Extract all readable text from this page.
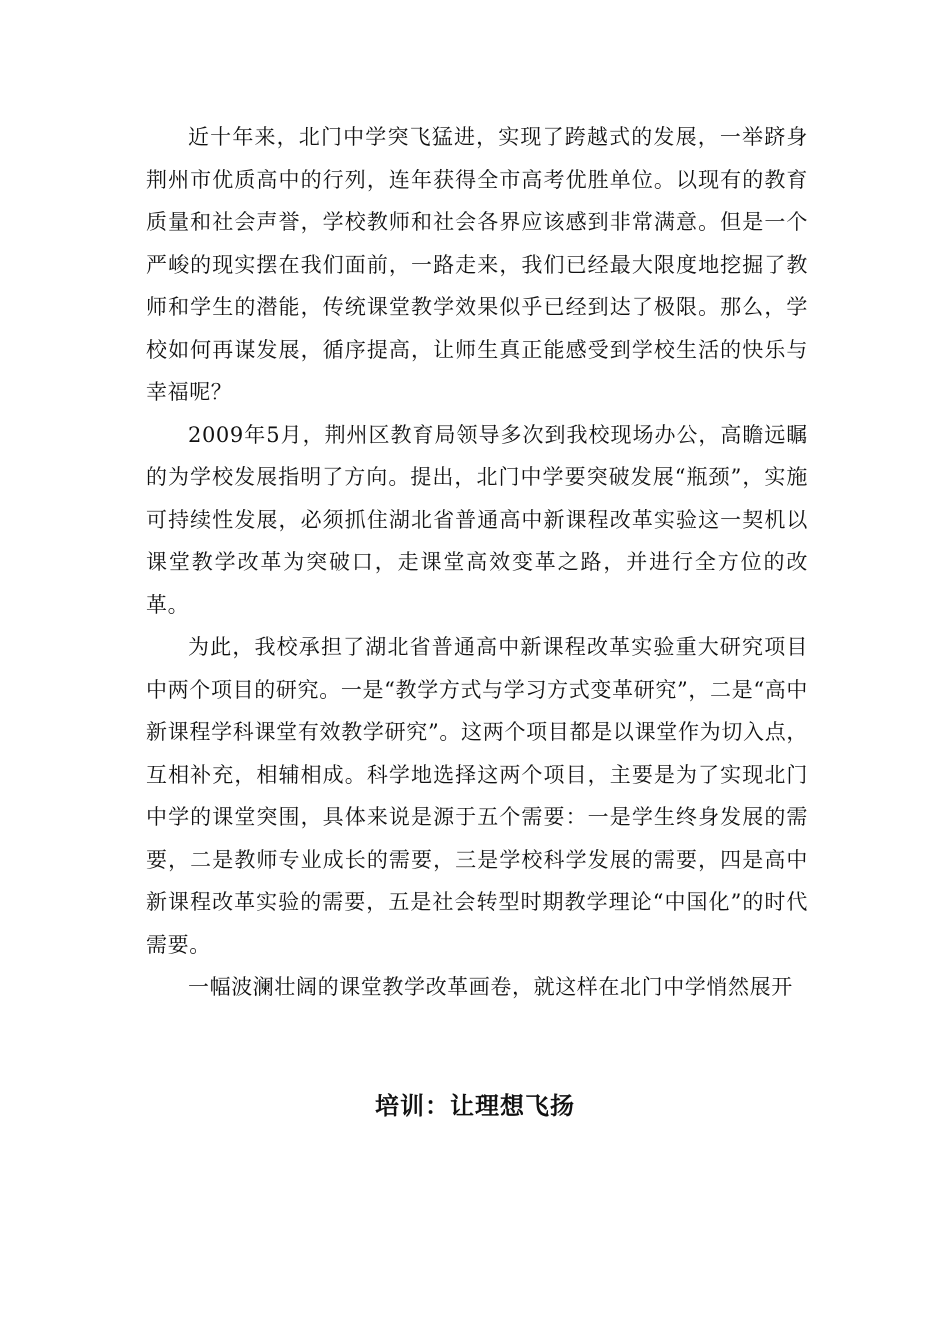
近十年来，北门中学突飞猛进，实现了跨越式的发展，一举跻身荆州市优质高中的行列，连年获得全市高考优胜单位。以现有的教育质量和社会声誉，学校教师和社会各界应该感到非常满意。但是一个严峻的现实摆在我们面前，一路走来，我们已经最大限度地挖掘了教师和学生的潜能，传统课堂教学效果似乎已经到达了极限。那么，学校如何再谋发展，循序提高，让师生真正能感受到学校生活的快乐与幸福呢？

2009年5月，荆州区教育局领导多次到我校现场办公，高瞻远瞩的为学校发展指明了方向。提出，北门中学要突破发展“瓶颈”，实施可持续性发展，必须抓住湖北省普通高中新课程改革实验这一契机以课堂教学改革为突破口，走课堂高效变革之路，并进行全方位的改革。

为此，我校承担了湖北省普通高中新课程改革实验重大研究项目中两个项目的研究。一是“教学方式与学习方式变革研究”，二是“高中新课程学科课堂有效教学研究”。这两个项目都是以课堂作为切入点，互相补充，相辅相成。科学地选择这两个项目，主要是为了实现北门中学的课堂突围，具体来说是源于五个需要：一是学生终身发展的需要，二是教师专业成长的需要，三是学校科学发展的需要，四是高中新课程改革实验的需要，五是社会转型时期教学理论“中国化”的时代需要。

一幅波澜壮阔的课堂教学改革画卷，就这样在北门中学悄然展开

培训：让理想飞扬
